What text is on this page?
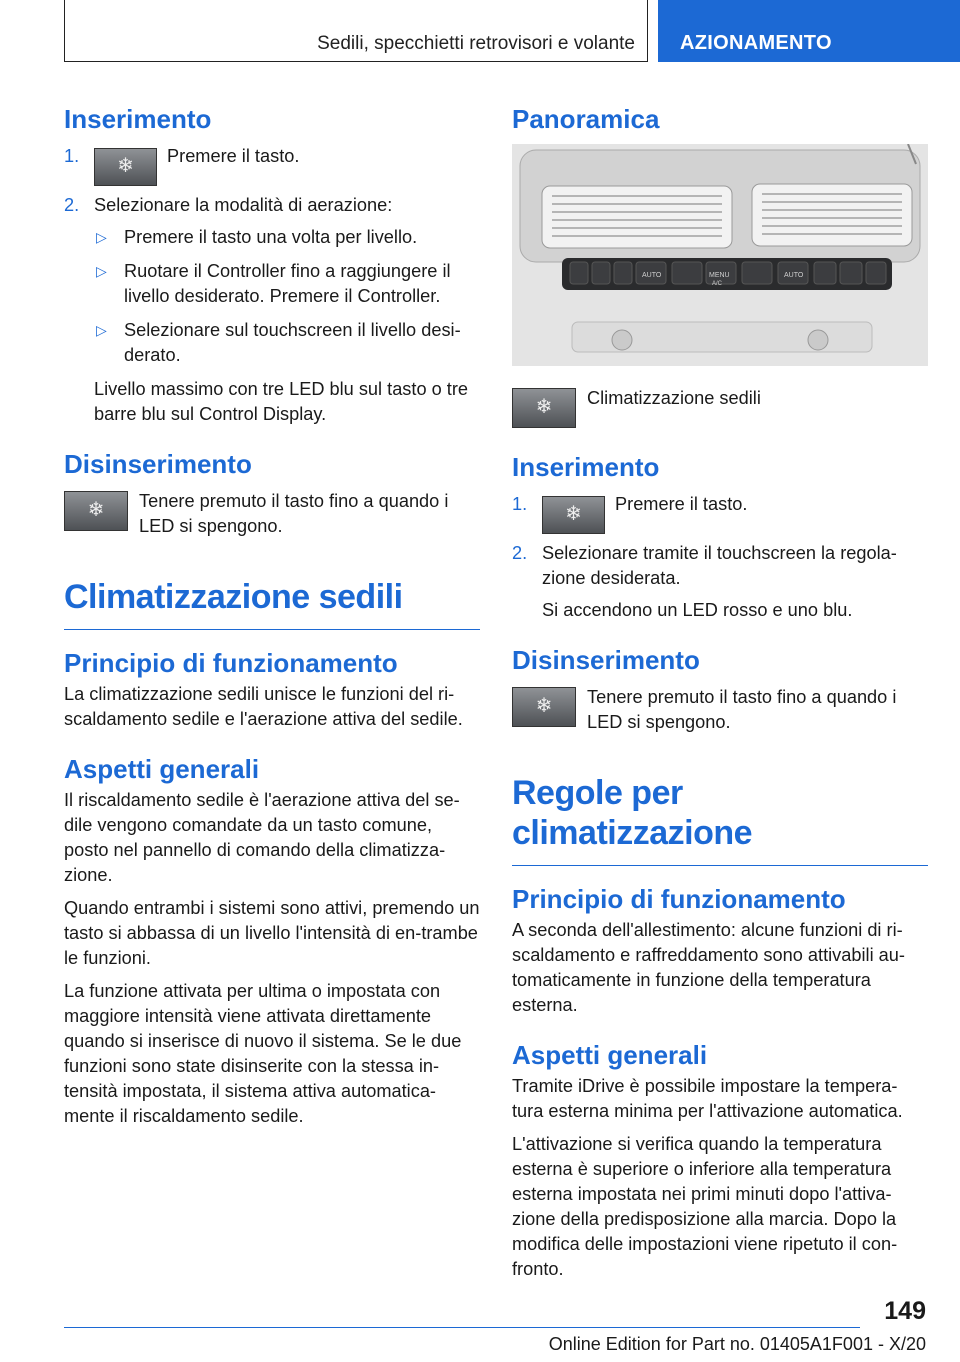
Sedili, specchietti retrovisori e volante	AZIONAMENTO
Inserimento
1. ❄ Premere il tasto.
2. Selezionare la modalità di aerazione:
▷ Premere il tasto una volta per livello.
▷ Ruotare il Controller fino a raggiungere il livello desiderato. Premere il Controller.
▷ Selezionare sul touchscreen il livello desi-derato.
Livello massimo con tre LED blu sul tasto o tre barre blu sul Control Display.
Disinserimento
❄	Tenere premuto il tasto fino a quando i LED si spengono.
Climatizzazione sedili
Principio di funzionamento

La climatizzazione sedili unisce le funzioni del ri-scaldamento sedile e l'aerazione attiva del sedile.

Aspetti generali

Il riscaldamento sedile è l'aerazione attiva del se-dile vengono comandate da un tasto comune, posto nel pannello di comando della climatizza-zione.

Quando entrambi i sistemi sono attivi, premendo un tasto si abbassa di un livello l'intensità di en-trambe le funzioni.

La funzione attivata per ultima o impostata con maggiore intensità viene attivata direttamente quando si inserisce di nuovo il sistema. Se le due funzioni sono state disinserite con la stessa in-tensità impostata, il sistema attiva automatica-mente il riscaldamento sedile.

Panoramica
AUTO	MENU
A/C
AUTO
❄	Climatizzazione sedili
Inserimento
1. ❄ Premere il tasto.
2. Selezionare tramite il touchscreen la regola-zione desiderata.
Si accendono un LED rosso e uno blu.
Disinserimento
❄	Tenere premuto il tasto fino a quando i LED si spengono.
Regole per climatizzazione
Principio di funzionamento

A seconda dell'allestimento: alcune funzioni di ri-scaldamento e raffreddamento sono attivabili au-tomaticamente in funzione della temperatura esterna.

Aspetti generali

Tramite iDrive è possibile impostare la tempera-tura esterna minima per l'attivazione automatica.

L'attivazione si verifica quando la temperatura esterna è superiore o inferiore alla temperatura esterna impostata nei primi minuti dopo l'attiva-zione della predisposizione alla marcia. Dopo la modifica delle impostazioni viene ripetuto il con-fronto.

149
Online Edition for Part no. 01405A1F001 - X/20
